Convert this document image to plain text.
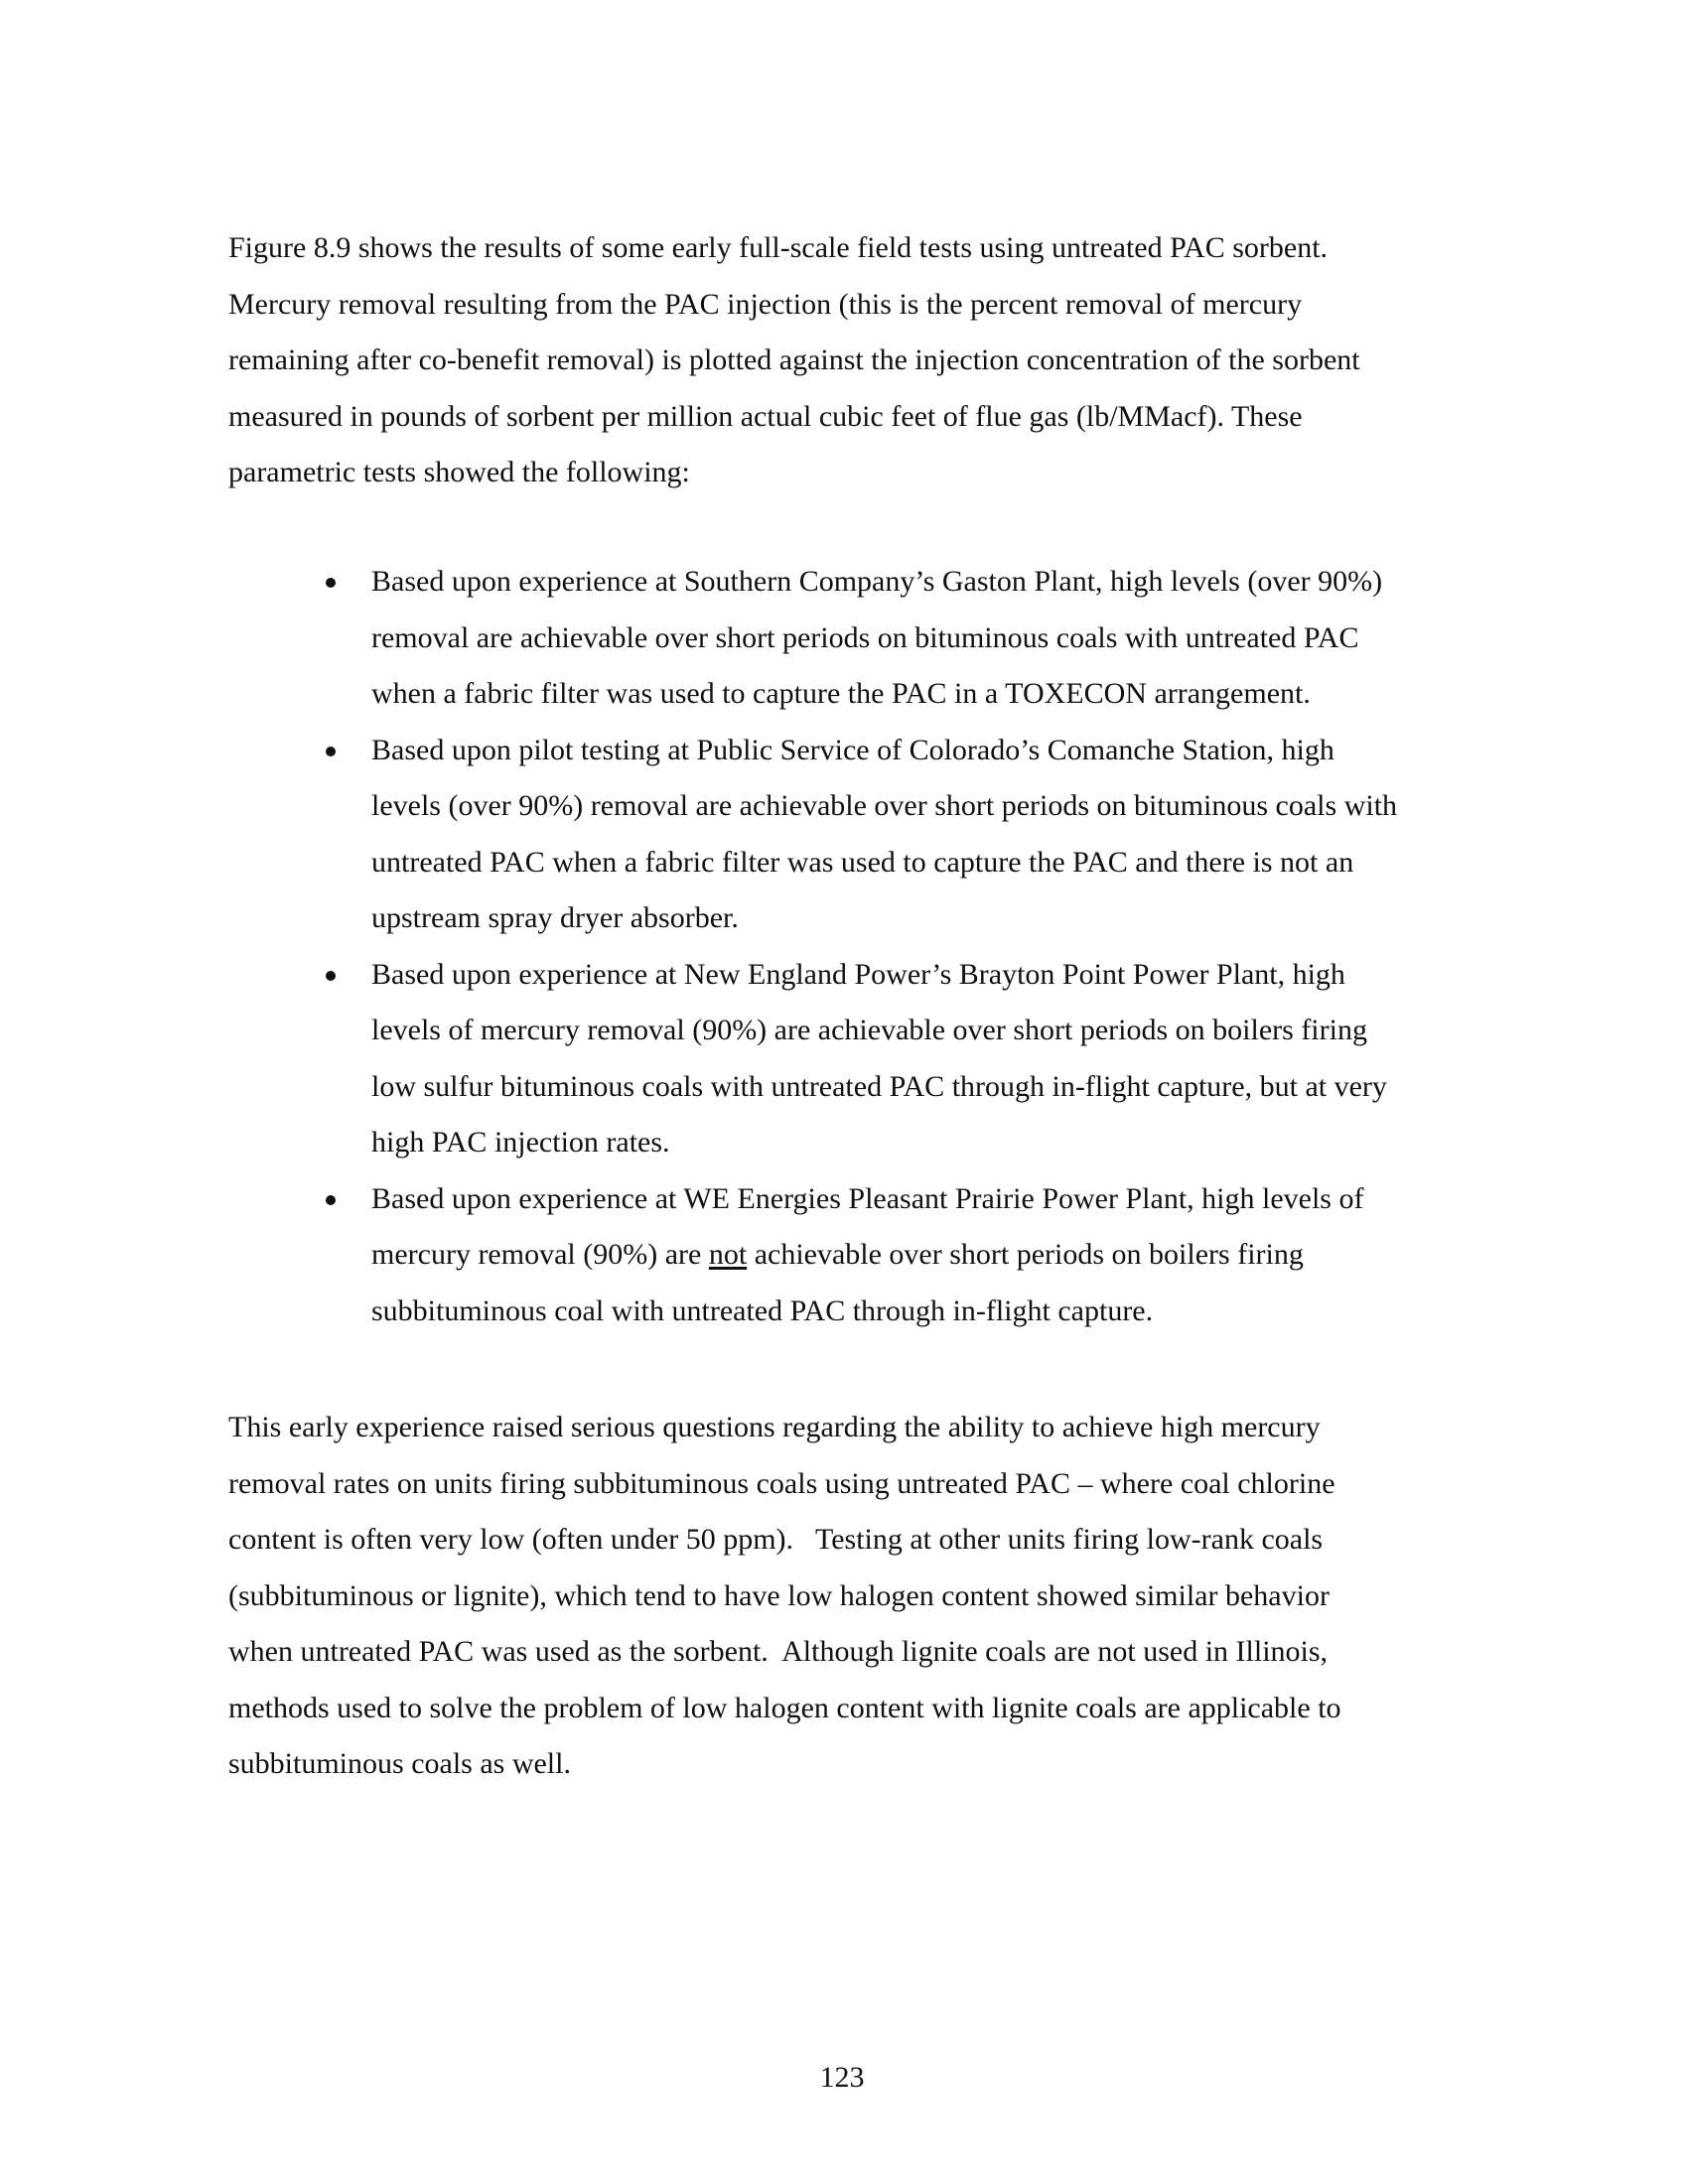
Figure 8.9 shows the results of some early full-scale field tests using untreated PAC sorbent.
Mercury removal resulting from the PAC injection (this is the percent removal of mercury
remaining after co-benefit removal) is plotted against the injection concentration of the sorbent
measured in pounds of sorbent per million actual cubic feet of flue gas (lb/MMacf). These
parametric tests showed the following:

Based upon experience at Southern Company’s Gaston Plant, high levels (over 90%)
removal are achievable over short periods on bituminous coals with untreated PAC
when a fabric filter was used to capture the PAC in a TOXECON arrangement.
Based upon pilot testing at Public Service of Colorado’s Comanche Station, high
levels (over 90%) removal are achievable over short periods on bituminous coals with
untreated PAC when a fabric filter was used to capture the PAC and there is not an
upstream spray dryer absorber.
Based upon experience at New England Power’s Brayton Point Power Plant, high
levels of mercury removal (90%) are achievable over short periods on boilers firing
low sulfur bituminous coals with untreated PAC through in-flight capture, but at very
high PAC injection rates.
Based upon experience at WE Energies Pleasant Prairie Power Plant, high levels of
mercury removal (90%) are not achievable over short periods on boilers firing
subbituminous coal with untreated PAC through in-flight capture.

This early experience raised serious questions regarding the ability to achieve high mercury
removal rates on units firing subbituminous coals using untreated PAC – where coal chlorine
content is often very low (often under 50 ppm).   Testing at other units firing low-rank coals
(subbituminous or lignite), which tend to have low halogen content showed similar behavior
when untreated PAC was used as the sorbent.  Although lignite coals are not used in Illinois,
methods used to solve the problem of low halogen content with lignite coals are applicable to
subbituminous coals as well.

123
